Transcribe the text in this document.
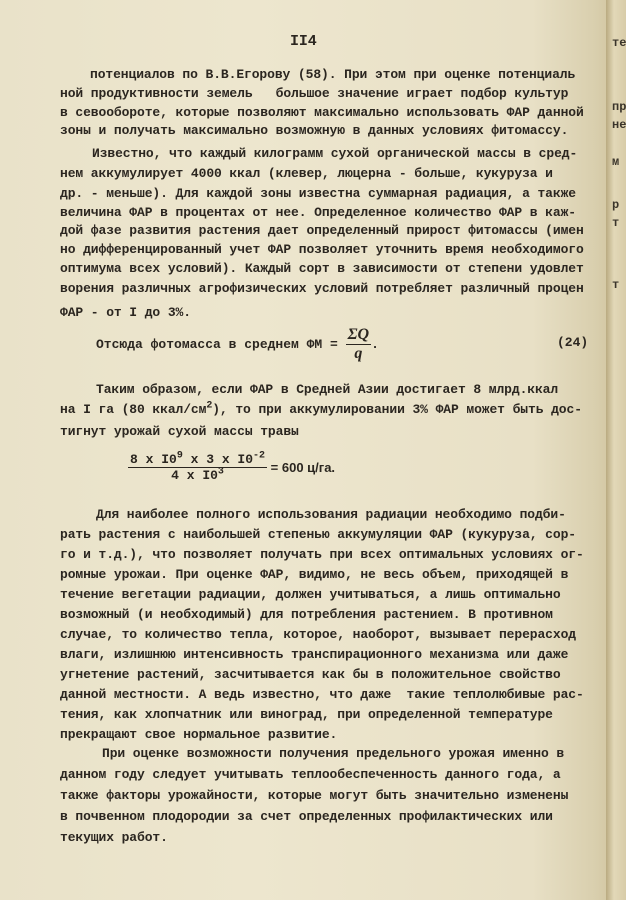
II4
потенциалов по В.В.Егорову (58). При этом при оценке потенциаль
ной продуктивности земель   большое значение играет подбор культур
в севообороте, которые позволяют максимально использовать ФАР данной
зоны и получать максимально возможную в данных условиях фитомассу.
Известно, что каждый килограмм сухой органической массы в сред-
нем аккумулирует 4000 ккал (клевер, люцерна - больше, кукуруза и
др. - меньше). Для каждой зоны известна суммарная радиация, а также
величина ФАР в процентах от нее. Определенное количество ФАР в каж-
дой фазе развития растения дает определенный прирост фитомассы (имен
но дифференцированный учет ФАР позволяет уточнить время необходимого
оптимума всех условий). Каждый сорт в зависимости от степени удовлет
ворения различных агрофизических условий потребляет различный процен
ФАР - от I до 3%.
Отсюда фотомасса в среднем ФМ = $\frac{\Sigma Q}{q}$ .	(24)
Таким образом, если ФАР в Средней Азии достигает 8 млрд.ккал
на I га (80 ккал/$см^2$), то при аккумулировании 3% ФАР может быть дос-
тигнут урожай сухой массы травы
$\frac{8 x I0^9 x 3 x I0^{-2}}{4 x I0^3} = 600$ ц/га.
Для наиболее полного использования радиации необходимо подби-
рать растения с наибольшей степенью аккумуляции ФАР (кукуруза, сор-
го и т.д.), что позволяет получать при всех оптимальных условиях ог-
ромные урожаи. При оценке ФАР, видимо, не весь объем, приходящей в
течение вегетации радиации, должен учитываться, а лишь оптимально
возможный (и необходимый) для потребления растением. В противном
случае, то количество тепла, которое, наоборот, вызывает перерасход
влаги, излишнюю интенсивность транспирационного механизма или даже
угнетение растений, засчитывается как бы в положительное свойство
данной местности. А ведь известно, что даже  такие теплолюбивые рас-
тения, как хлопчатник или виноград, при определенной температуре
прекращают свое нормальное развитие.
При оценке возможности получения предельного урожая именно в
данном году следует учитывать теплообеспеченность данного года, а
также факторы урожайности, которые могут быть значительно изменены
в почвенном плодородии за счет определенных профилактических или
текущих работ.
те
пр
не
м
р
т
т
